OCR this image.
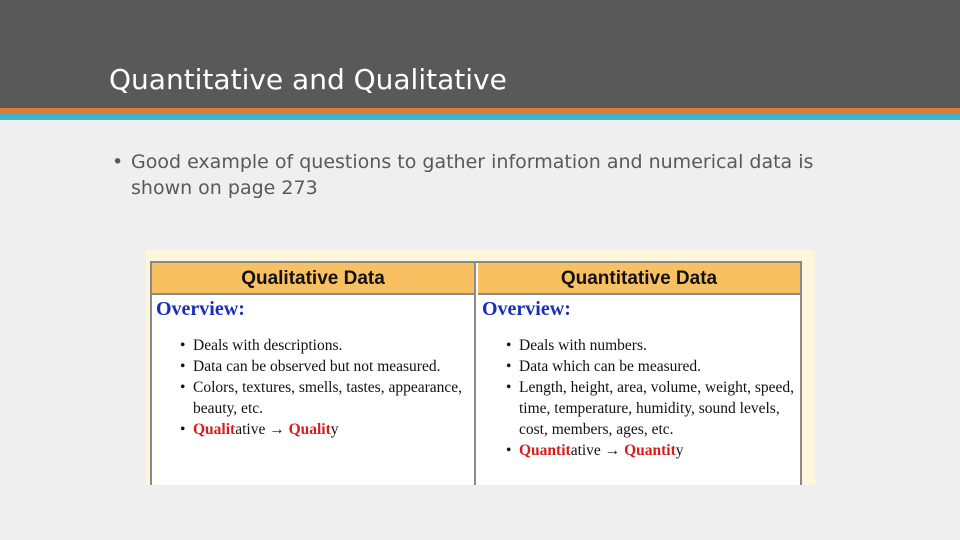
Quantitative and Qualitative
• Good example of questions to gather information and numerical data is shown on page 273
Qualitative Data
Overview:
• Deals with descriptions.
• Data can be observed but not measured.
• Colors, textures, smells, tastes, appearance, beauty, etc.
• Qualitative → Quality
Quantitative Data
Overview:
• Deals with numbers.
• Data which can be measured.
• Length, height, area, volume, weight, speed, time, temperature, humidity, sound levels, cost, members, ages, etc.
• Quantitative → Quantity
